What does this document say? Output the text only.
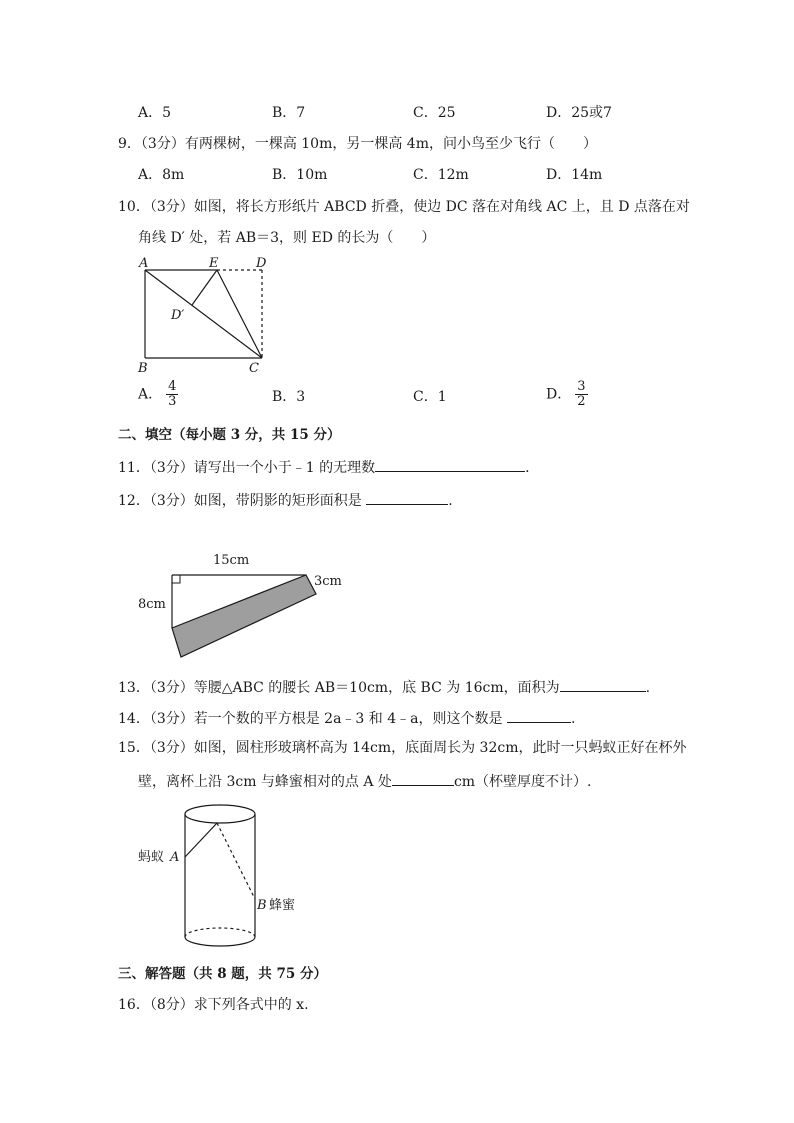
A．5	B．7	C．25	D．25或7
9．（3分）有两棵树，一棵高 10m，另一棵高 4m，问小鸟至少飞行（　　）
A．8m	B．10m	C．12m	D．14m
10．（3分）如图，将长方形纸片 ABCD 折叠，使边 DC 落在对角线 AC 上，且 D 点落在对
角线 D′ 处，若 AB＝3，则 ED 的长为（　　）
A	E	D
D′
B	C
A． $\frac{4}{3}$	B．3	C．1	D． $\frac{3}{2}$
二、填空（每小题 3 分，共 15 分）
11．（3分）请写出一个小于﹣1 的无理数	.
12．（3分）如图，带阴影的矩形面积是	.
15cm
8cm
3cm
13．（3分）等腰△ABC 的腰长 AB＝10cm，底 BC 为 16cm，面积为	.
14．（3分）若一个数的平方根是 2a﹣3 和 4﹣a，则这个数是	.
15．（3分）如图，圆柱形玻璃杯高为 14cm，底面周长为 32cm，此时一只蚂蚁正好在杯外
壁，离杯上沿 3cm 与蜂蜜相对的点 A 处	cm（杯壁厚度不计）.
蚂蚁 A
B 蜂蜜
三、解答题（共 8 题，共 75 分）
16．（8分）求下列各式中的 x.
